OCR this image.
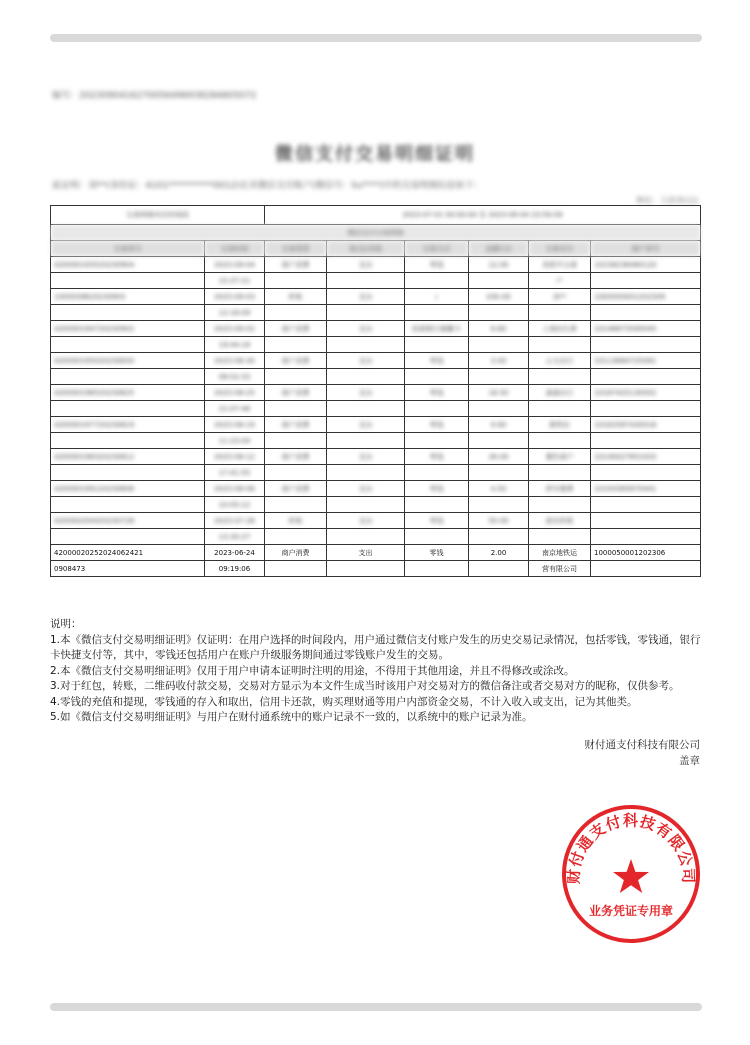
编号：2023090416270056496938284805072
微信支付交易明细证明
兹证明：刘**(身份证：4101**********0012)在其微信支付账户(微信号：liu****)中的交易明细信息如下：
单位：人民币(元)
交易明细对应时间段		2023-07-01 00:00:00 至 2023-09-04 23:59:59					
微信支付交易明细							
交易单号	交易时间	交易类型	收/支/其他	交易方式	金额(元)	交易对方	商户单号
420000193520230904	2023-09-04	商户消费	支出	零钱	12.00	美团平台商	10158236480120
	15:37:21					户	
1000039620230903	2023-09-03	转账	支出	/	200.00	刘**	1000050001202309
	12:16:09						
420000194720230902	2023-09-02	商户消费	支出	招商银行储蓄卡	6.80	上海拉扎斯	10146873590045
	19:44:18						
420000195020230830	2023-08-30	商户消费	支出	零钱	3.00	公交出行	10113684725061
	08:52:33						
420000196520230825	2023-08-25	商户消费	支出	零钱	18.50	滴滴出行	10187425130002
	21:07:46						
420000197720230819	2023-08-19	商户消费	支出	零钱	9.90	便利店	10162587430018
	11:23:04						
420000198320230812	2023-08-12	商户消费	支出	零钱	26.00	餐饮商户	10140027651933
	17:41:55						
420000199120230806	2023-08-06	商户消费	支出	零钱	4.50	停车缴费	10193365870441
	10:05:12						
420000200420230728	2023-07-28	转账	支出	零钱	50.00	朋友转账	
	13:30:27						
42000020252024062421	2023-06-24	商户消费	支出	零钱	2.00	南京地铁运	1000050001202306
0908473	09:19:06					营有限公司	

说明：

1.本《微信支付交易明细证明》仅证明：在用户选择的时间段内，用户通过微信支付账户发生的历史交易记录情况，包括零钱，零钱通，银行卡快捷支付等，其中，零钱还包括用户在账户升级服务期间通过零钱账户发生的交易。

2.本《微信支付交易明细证明》仅用于用户申请本证明时注明的用途，不得用于其他用途，并且不得修改或涂改。

3.对于红包，转账，二维码收付款交易，交易对方显示为本文件生成当时该用户对交易对方的微信备注或者交易对方的昵称，仅供参考。

4.零钱的充值和提现，零钱通的存入和取出，信用卡还款，购买理财通等用户内部资金交易，不计入收入或支出，记为其他类。

5.如《微信支付交易明细证明》与用户在财付通系统中的账户记录不一致的，以系统中的账户记录为准。

财付通支付科技有限公司
盖章
财付通支付科技有限公司
业务凭证专用章
